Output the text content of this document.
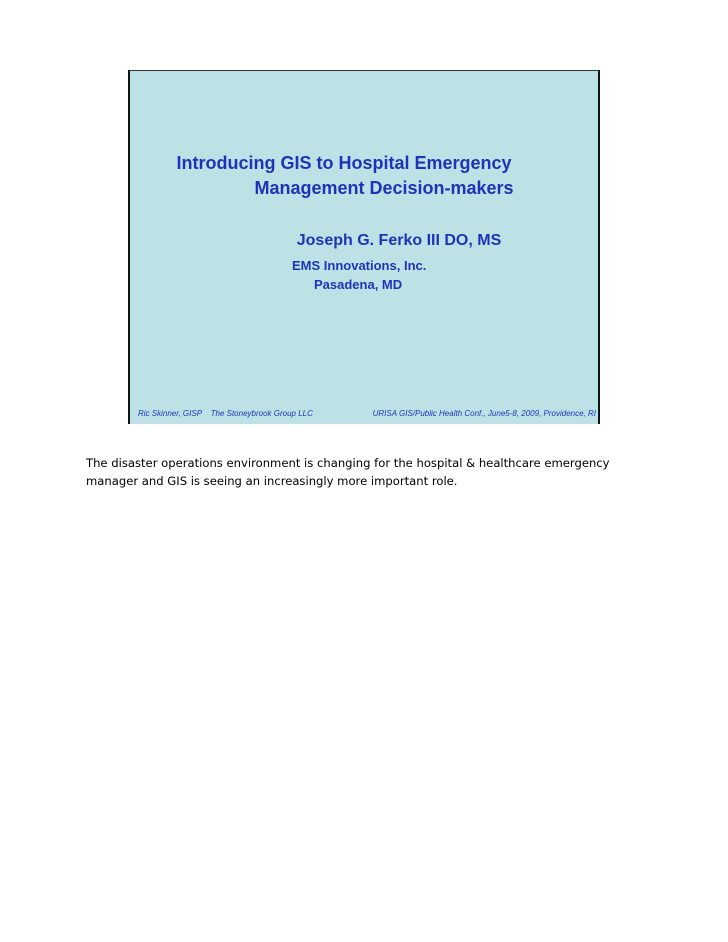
Introducing GIS to Hospital Emergency
Management Decision-makers
Joseph G. Ferko III DO, MS
EMS Innovations, Inc.
Pasadena, MD
Ric Skinner, GISP    The Stoneybrook Group LLC	URISA GIS/Public Health Conf., June5-8, 2009, Providence, RI
The disaster operations environment is changing for the hospital & healthcare emergency manager and GIS is seeing an increasingly more important role.
